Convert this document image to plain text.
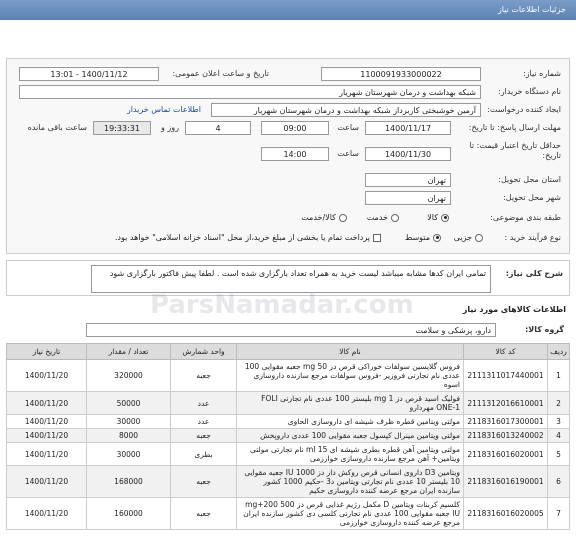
جزئیات اطلاعات نیاز
شماره نیاز:
1100091933000022
تاریخ و ساعت اعلان عمومی:
1400/11/12 - 13:01
نام دستگاه خریدار:
شبکه بهداشت و درمان شهرستان شهریار
ایجاد کننده درخواست:
آرمین خوشبختی کاربرداز شبکه بهداشت و درمان شهرستان شهریار
اطلاعات تماس خریدار
مهلت ارسال پاسخ: تا تاریخ:
1400/11/17
ساعت
09:00
4
روز و
19:33:31
ساعت باقی مانده
حداقل تاریخ اعتبار قیمت: تا تاریخ:
1400/11/30
ساعت
14:00
استان محل تحویل:
تهران
شهر محل تحویل:
تهران
طبقه بندی موضوعی:
کالا
خدمت
کالا/خدمت
نوع فرآیند خرید :
جزیی
متوسط
پرداخت تمام یا بخشی از مبلغ خرید،از محل "اسناد خزانه اسلامی" خواهد بود.
شرح کلی نیاز:
تمامی ایران کدها مشابه میباشد لیست خرید به همراه تعداد بارگزاری شده است . لطفا پیش فاکتور بارگزاری شود
اطلاعات کالاهای مورد نیاز
گروه کالا:
دارو، پزشکی و سلامت
ParsNamadar.com
ردیف	کد کالا	نام کالا	واحد شمارش	تعداد / مقدار	تاریخ نیاز
1	2111311017440001	فروس گلایسین سولفات خوراکی قرص دز mg 50 جعبه مقوایی 100 عددی نام تجارتی فروزیر -فروس سولفات مرجع سازنده داروسازی اسوه	جعبه	320000	1400/11/20
2	2111312016610001	فولیک اسید قرص دز 1 mg بلیستر 100 عددی نام تجارتی FOLI ONE-1 مهردارو	عدد	50000	1400/11/20
3	2118316017300001	مولتی ویتامین قطره ظرف شیشه ای داروسازی الحاوی	عدد	30000	1400/11/20
4	2118316013240002	مولتی ویتامین مینرال کپسول جعبه مقوایی 100 عددی داروپخش	جعبه	8000	1400/11/20
5	2118316016020001	مولتی ویتامین آهن قطره بطری شیشه ای 15 ml نام تجارتی مولتی ویتامین+ آهن مرجع سازنده داروسازی خوارزمی	بطری	30000	1400/11/20
6	2118316016190001	ویتامین D3 داروی انسانی قرص روکش دار دز IU 1000 جعبه مقوایی 10 بلیستر 10 عددی نام تجارتی ویتامین د3 -حکیم 1000 کشور سازنده ایران مرجع عرضه کننده داروسازی حکیم	جعبه	168000	1400/11/20
7	2118316016020005	کلسیم کربنات ویتامین D مکمل رژیم غذایی قرص دز 500 mg+200 IU جعبه مقوایی 100 عددی نام تجارتی کلسی دی کشور سازنده ایران مرجع عرضه کننده داروسازی خوارزمی	جعبه	160000	1400/11/20
